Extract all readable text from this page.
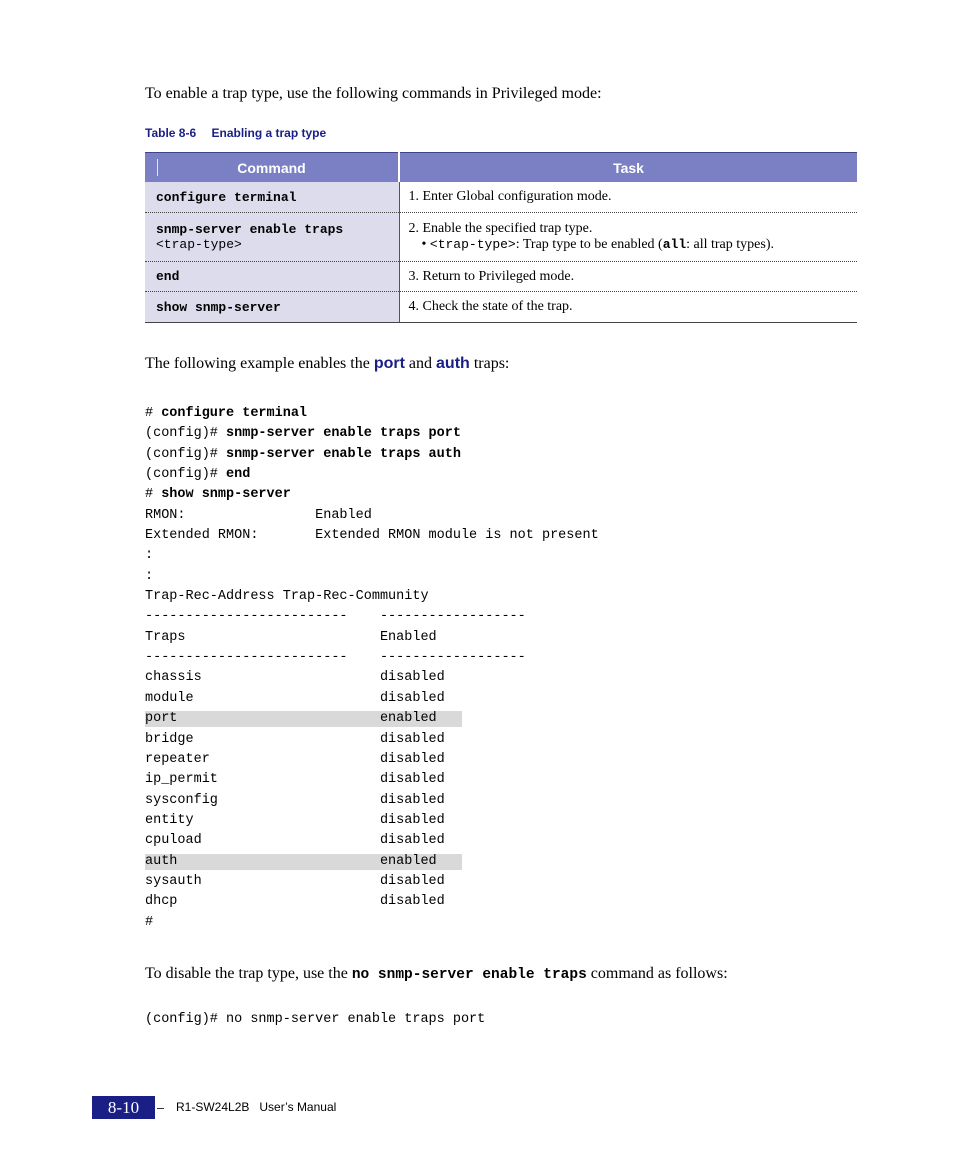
To enable a trap type, use the following commands in Privileged mode:
Table 8-6 Enabling a trap type
Command	Task

configure terminal	1. Enter Global configuration mode.

snmp-server enable traps
<trap-type>	2. Enable the specified trap type.
• <trap-type>: Trap type to be enabled (all: all trap types).

end	3. Return to Privileged mode.

show snmp-server	4. Check the state of the trap.
The following example enables the port and auth traps:
# configure terminal
(config)# snmp-server enable traps port
(config)# snmp-server enable traps auth
(config)# end
# show snmp-server
RMON:                Enabled
Extended RMON:       Extended RMON module is not present
:
:
Trap-Rec-Address Trap-Rec-Community
-------------------------    ------------------
Traps                        Enabled
-------------------------    ------------------
chassis                      disabled
module                       disabled
port                         enabled
bridge                       disabled
repeater                     disabled
ip_permit                    disabled
sysconfig                    disabled
entity                       disabled
cpuload                      disabled
auth                         enabled
sysauth                      disabled
dhcp                         disabled
#
To disable the trap type, use the no snmp-server enable traps command as follows:
(config)# no snmp-server enable traps port
8-10	R1-SW24L2B User’s Manual
